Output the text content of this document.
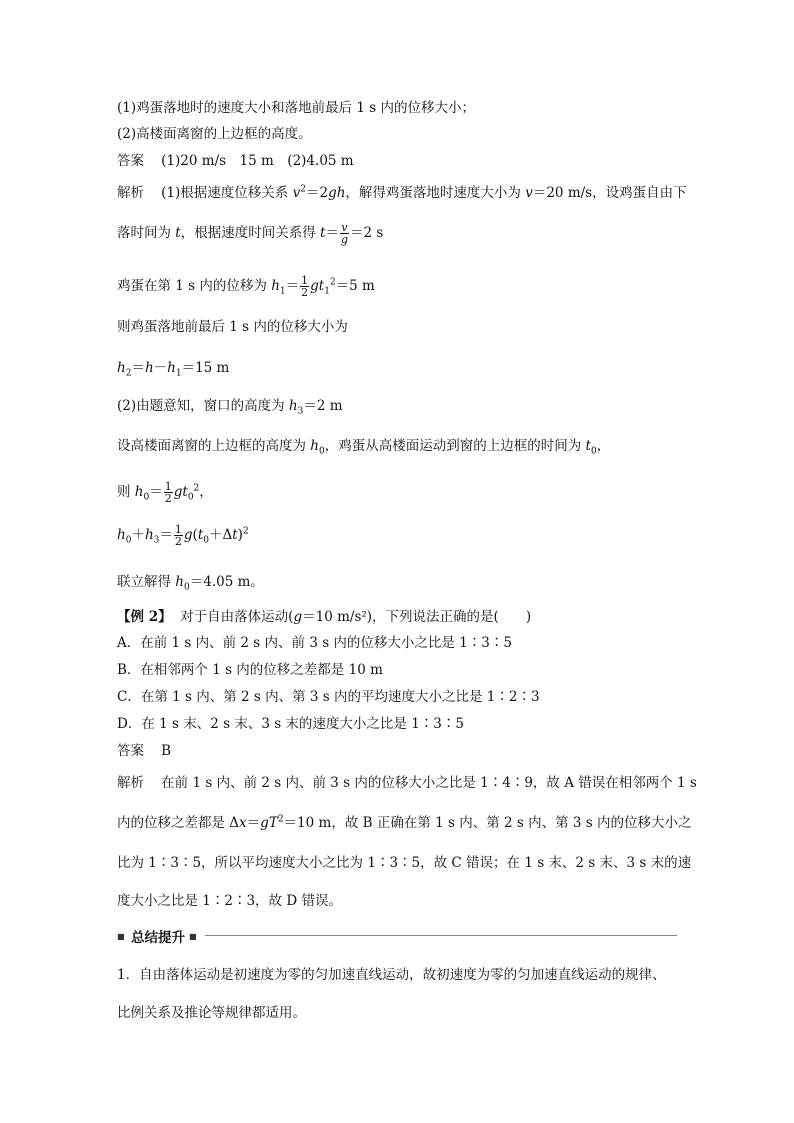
(1)鸡蛋落地时的速度大小和落地前最后 1 s 内的位移大小；
(2)高楼面离窗的上边框的高度。
答案 (1)20 m/s　15 m　(2)4.05 m
解析 (1)根据速度位移关系 $v^2=2gh$，解得鸡蛋落地时速度大小为 v＝20 m/s，设鸡蛋自由下
落时间为 t，根据速度时间关系得 $t= \frac{v}{g} =2$ s
鸡蛋在第 1 s 内的位移为 $h_1= \frac{1}{2} gt_1^2=5$ m
则鸡蛋落地前最后 1 s 内的位移大小为
$h_2=h-h_1=15$ m
(2)由题意知，窗口的高度为 $h_3=2$ m
设高楼面离窗的上边框的高度为 $h_0$，鸡蛋从高楼面运动到窗的上边框的时间为 $t_0$，
则 $h_0= \frac{1}{2} gt_0^2$，
$h_0+h_3= \frac{1}{2} g(t_0+\Delta t)^2$
联立解得 $h_0=4.05$ m。
【例 2】 对于自由落体运动(g＝10 m/s²)，下列说法正确的是(　　)
A．在前 1 s 内、前 2 s 内、前 3 s 内的位移大小之比是 1∶3∶5
B．在相邻两个 1 s 内的位移之差都是 10 m
C．在第 1 s 内、第 2 s 内、第 3 s 内的平均速度大小之比是 1∶2∶3
D．在 1 s 末、2 s 末、3 s 末的速度大小之比是 1∶3∶5
答案 B
解析 在前 1 s 内、前 2 s 内、前 3 s 内的位移大小之比是 1∶4∶9，故 A 错误在相邻两个 1 s
内的位移之差都是 $\Delta x=gT^2=10$ m，故 B 正确在第 1 s 内、第 2 s 内、第 3 s 内的位移大小之
比为 1∶3∶5，所以平均速度大小之比为 1∶3∶5，故 C 错误；在 1 s 末、2 s 末、3 s 末的速
度大小之比是 1∶2∶3，故 D 错误。
■ 总结提升 ■
1．自由落体运动是初速度为零的匀加速直线运动，故初速度为零的匀加速直线运动的规律、
比例关系及推论等规律都适用。
